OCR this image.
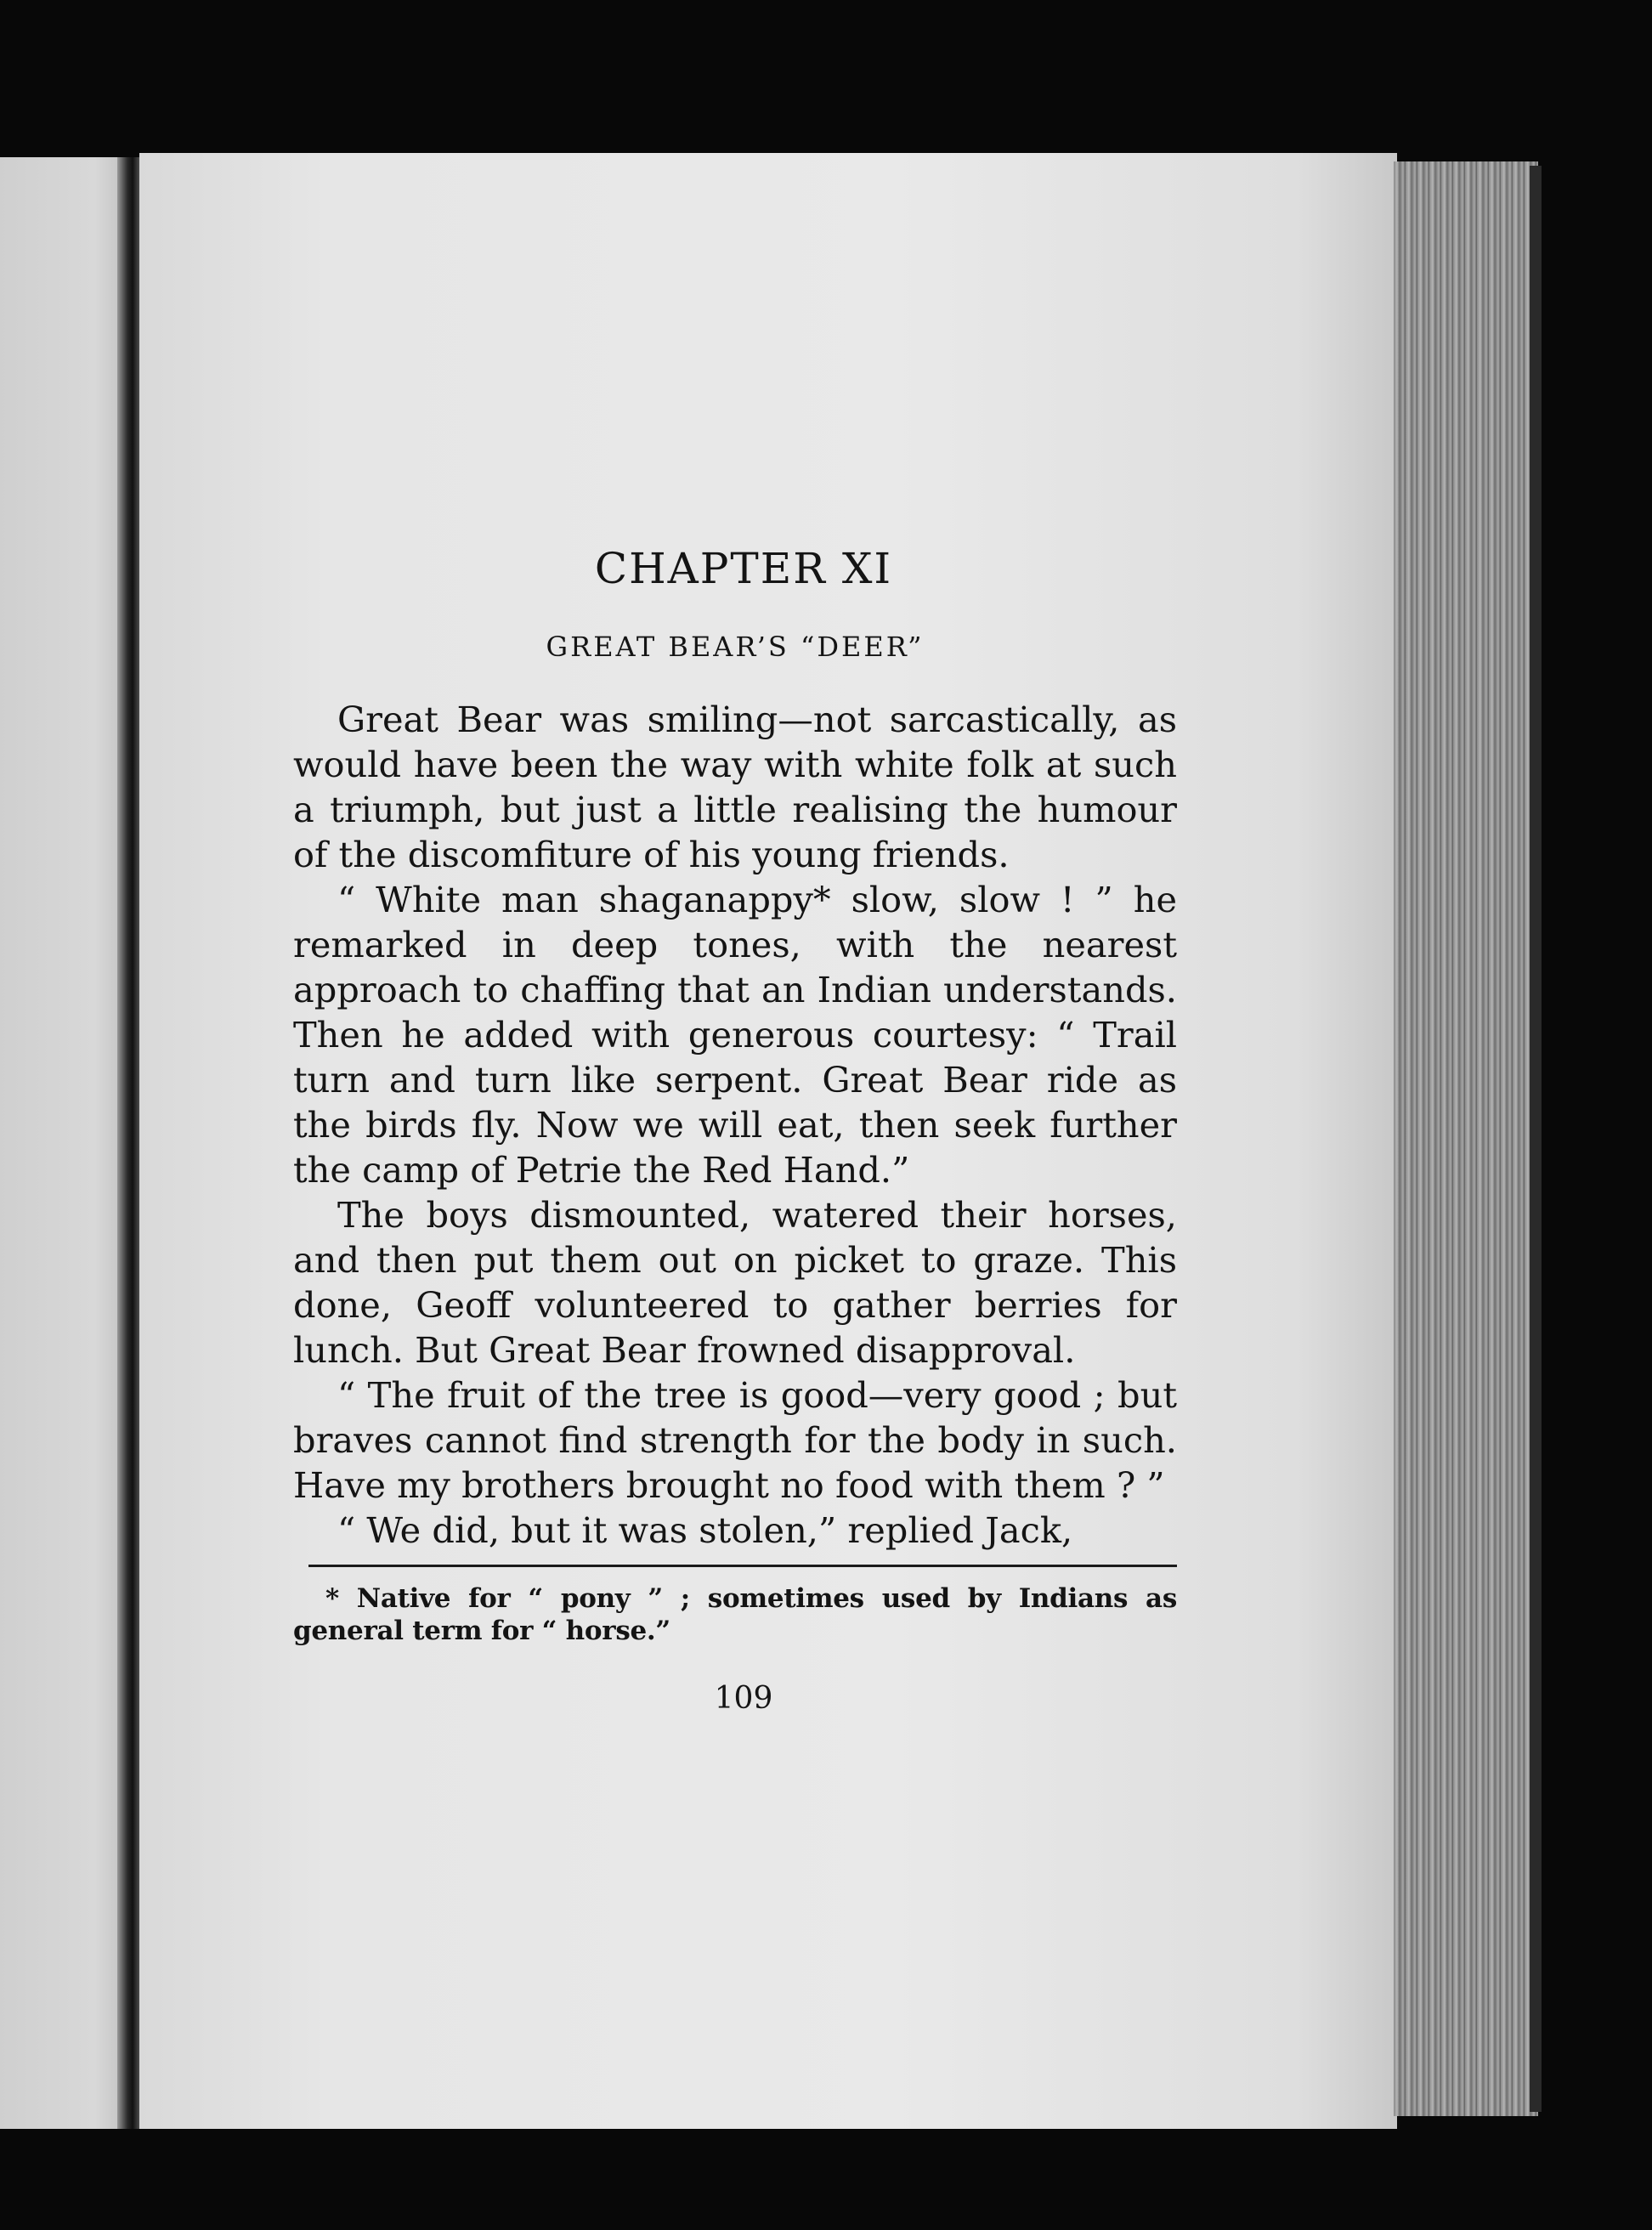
CHAPTER XI
GREAT BEAR’S “DEER”

Great Bear was smiling—not sarcastically, as would have been the way with white folk at such a triumph, but just a little realising the humour of the discomfiture of his young friends.

“ White man shaganappy* slow, slow ! ” he remarked in deep tones, with the nearest approach to chaffing that an Indian understands. Then he added with generous courtesy: “ Trail turn and turn like serpent. Great Bear ride as the birds fly. Now we will eat, then seek further the camp of Petrie the Red Hand.”

The boys dismounted, watered their horses, and then put them out on picket to graze. This done, Geoff volunteered to gather berries for lunch. But Great Bear frowned disapproval.

“ The fruit of the tree is good—very good ; but braves cannot find strength for the body in such. Have my brothers brought no food with them ? ”

“ We did, but it was stolen,” replied Jack,

* Native for “ pony ” ; sometimes used by Indians as general term for “ horse.”

109
